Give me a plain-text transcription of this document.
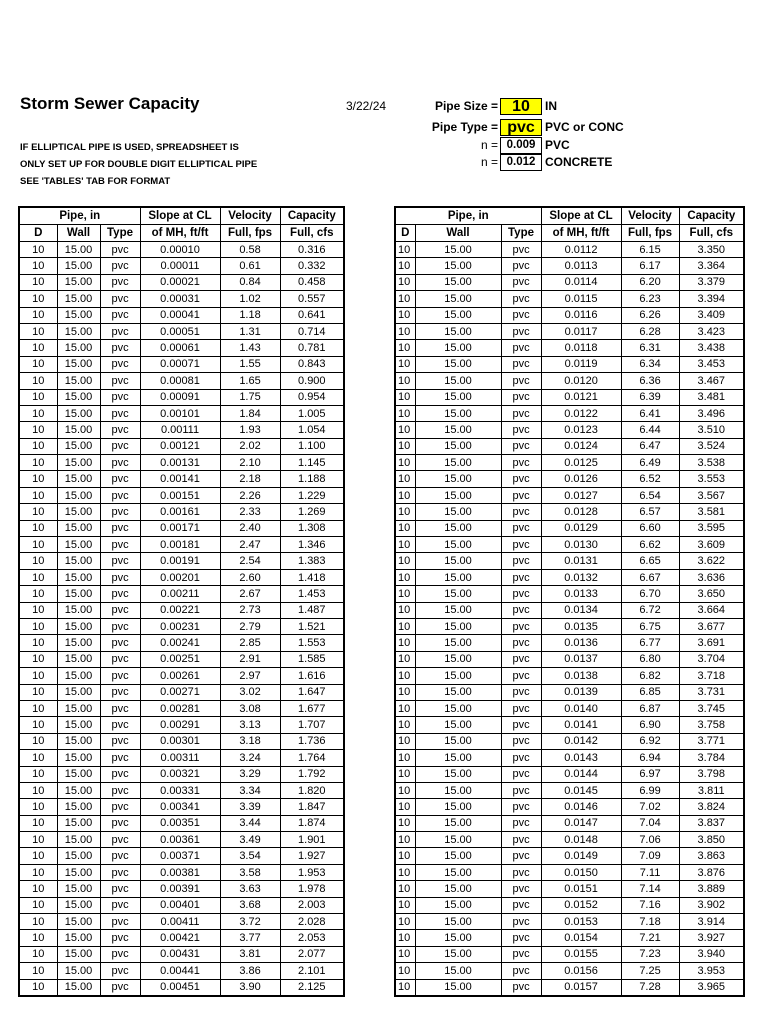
Storm Sewer Capacity	3/22/24
IF ELLIPTICAL PIPE IS USED, SPREADSHEET IS
ONLY SET UP FOR DOUBLE DIGIT ELLIPTICAL PIPE
SEE 'TABLES' TAB FOR FORMAT
Pipe Size = 10	IN
Pipe Type = pvc PVC or CONC
n = 0.009 PVC
n = 0.012 CONCRETE
Pipe, in			Slope at CL	Velocity	Capacity
D	Wall	Type	of MH, ft/ft	Full, fps	Full, cfs
10	15.00	pvc	0.00010	0.58	0.316
10	15.00	pvc	0.00011	0.61	0.332
10	15.00	pvc	0.00021	0.84	0.458
10	15.00	pvc	0.00031	1.02	0.557
10	15.00	pvc	0.00041	1.18	0.641
10	15.00	pvc	0.00051	1.31	0.714
10	15.00	pvc	0.00061	1.43	0.781
10	15.00	pvc	0.00071	1.55	0.843
10	15.00	pvc	0.00081	1.65	0.900
10	15.00	pvc	0.00091	1.75	0.954
10	15.00	pvc	0.00101	1.84	1.005
10	15.00	pvc	0.00111	1.93	1.054
10	15.00	pvc	0.00121	2.02	1.100
10	15.00	pvc	0.00131	2.10	1.145
10	15.00	pvc	0.00141	2.18	1.188
10	15.00	pvc	0.00151	2.26	1.229
10	15.00	pvc	0.00161	2.33	1.269
10	15.00	pvc	0.00171	2.40	1.308
10	15.00	pvc	0.00181	2.47	1.346
10	15.00	pvc	0.00191	2.54	1.383
10	15.00	pvc	0.00201	2.60	1.418
10	15.00	pvc	0.00211	2.67	1.453
10	15.00	pvc	0.00221	2.73	1.487
10	15.00	pvc	0.00231	2.79	1.521
10	15.00	pvc	0.00241	2.85	1.553
10	15.00	pvc	0.00251	2.91	1.585
10	15.00	pvc	0.00261	2.97	1.616
10	15.00	pvc	0.00271	3.02	1.647
10	15.00	pvc	0.00281	3.08	1.677
10	15.00	pvc	0.00291	3.13	1.707
10	15.00	pvc	0.00301	3.18	1.736
10	15.00	pvc	0.00311	3.24	1.764
10	15.00	pvc	0.00321	3.29	1.792
10	15.00	pvc	0.00331	3.34	1.820
10	15.00	pvc	0.00341	3.39	1.847
10	15.00	pvc	0.00351	3.44	1.874
10	15.00	pvc	0.00361	3.49	1.901
10	15.00	pvc	0.00371	3.54	1.927
10	15.00	pvc	0.00381	3.58	1.953
10	15.00	pvc	0.00391	3.63	1.978
10	15.00	pvc	0.00401	3.68	2.003
10	15.00	pvc	0.00411	3.72	2.028
10	15.00	pvc	0.00421	3.77	2.053
10	15.00	pvc	0.00431	3.81	2.077
10	15.00	pvc	0.00441	3.86	2.101
10	15.00	pvc	0.00451	3.90	2.125
Pipe, in			Slope at CL	Velocity	Capacity
D	Wall	Type	of MH, ft/ft	Full, fps	Full, cfs
10	15.00	pvc	0.0112	6.15	3.350
10	15.00	pvc	0.0113	6.17	3.364
10	15.00	pvc	0.0114	6.20	3.379
10	15.00	pvc	0.0115	6.23	3.394
10	15.00	pvc	0.0116	6.26	3.409
10	15.00	pvc	0.0117	6.28	3.423
10	15.00	pvc	0.0118	6.31	3.438
10	15.00	pvc	0.0119	6.34	3.453
10	15.00	pvc	0.0120	6.36	3.467
10	15.00	pvc	0.0121	6.39	3.481
10	15.00	pvc	0.0122	6.41	3.496
10	15.00	pvc	0.0123	6.44	3.510
10	15.00	pvc	0.0124	6.47	3.524
10	15.00	pvc	0.0125	6.49	3.538
10	15.00	pvc	0.0126	6.52	3.553
10	15.00	pvc	0.0127	6.54	3.567
10	15.00	pvc	0.0128	6.57	3.581
10	15.00	pvc	0.0129	6.60	3.595
10	15.00	pvc	0.0130	6.62	3.609
10	15.00	pvc	0.0131	6.65	3.622
10	15.00	pvc	0.0132	6.67	3.636
10	15.00	pvc	0.0133	6.70	3.650
10	15.00	pvc	0.0134	6.72	3.664
10	15.00	pvc	0.0135	6.75	3.677
10	15.00	pvc	0.0136	6.77	3.691
10	15.00	pvc	0.0137	6.80	3.704
10	15.00	pvc	0.0138	6.82	3.718
10	15.00	pvc	0.0139	6.85	3.731
10	15.00	pvc	0.0140	6.87	3.745
10	15.00	pvc	0.0141	6.90	3.758
10	15.00	pvc	0.0142	6.92	3.771
10	15.00	pvc	0.0143	6.94	3.784
10	15.00	pvc	0.0144	6.97	3.798
10	15.00	pvc	0.0145	6.99	3.811
10	15.00	pvc	0.0146	7.02	3.824
10	15.00	pvc	0.0147	7.04	3.837
10	15.00	pvc	0.0148	7.06	3.850
10	15.00	pvc	0.0149	7.09	3.863
10	15.00	pvc	0.0150	7.11	3.876
10	15.00	pvc	0.0151	7.14	3.889
10	15.00	pvc	0.0152	7.16	3.902
10	15.00	pvc	0.0153	7.18	3.914
10	15.00	pvc	0.0154	7.21	3.927
10	15.00	pvc	0.0155	7.23	3.940
10	15.00	pvc	0.0156	7.25	3.953
10	15.00	pvc	0.0157	7.28	3.965
